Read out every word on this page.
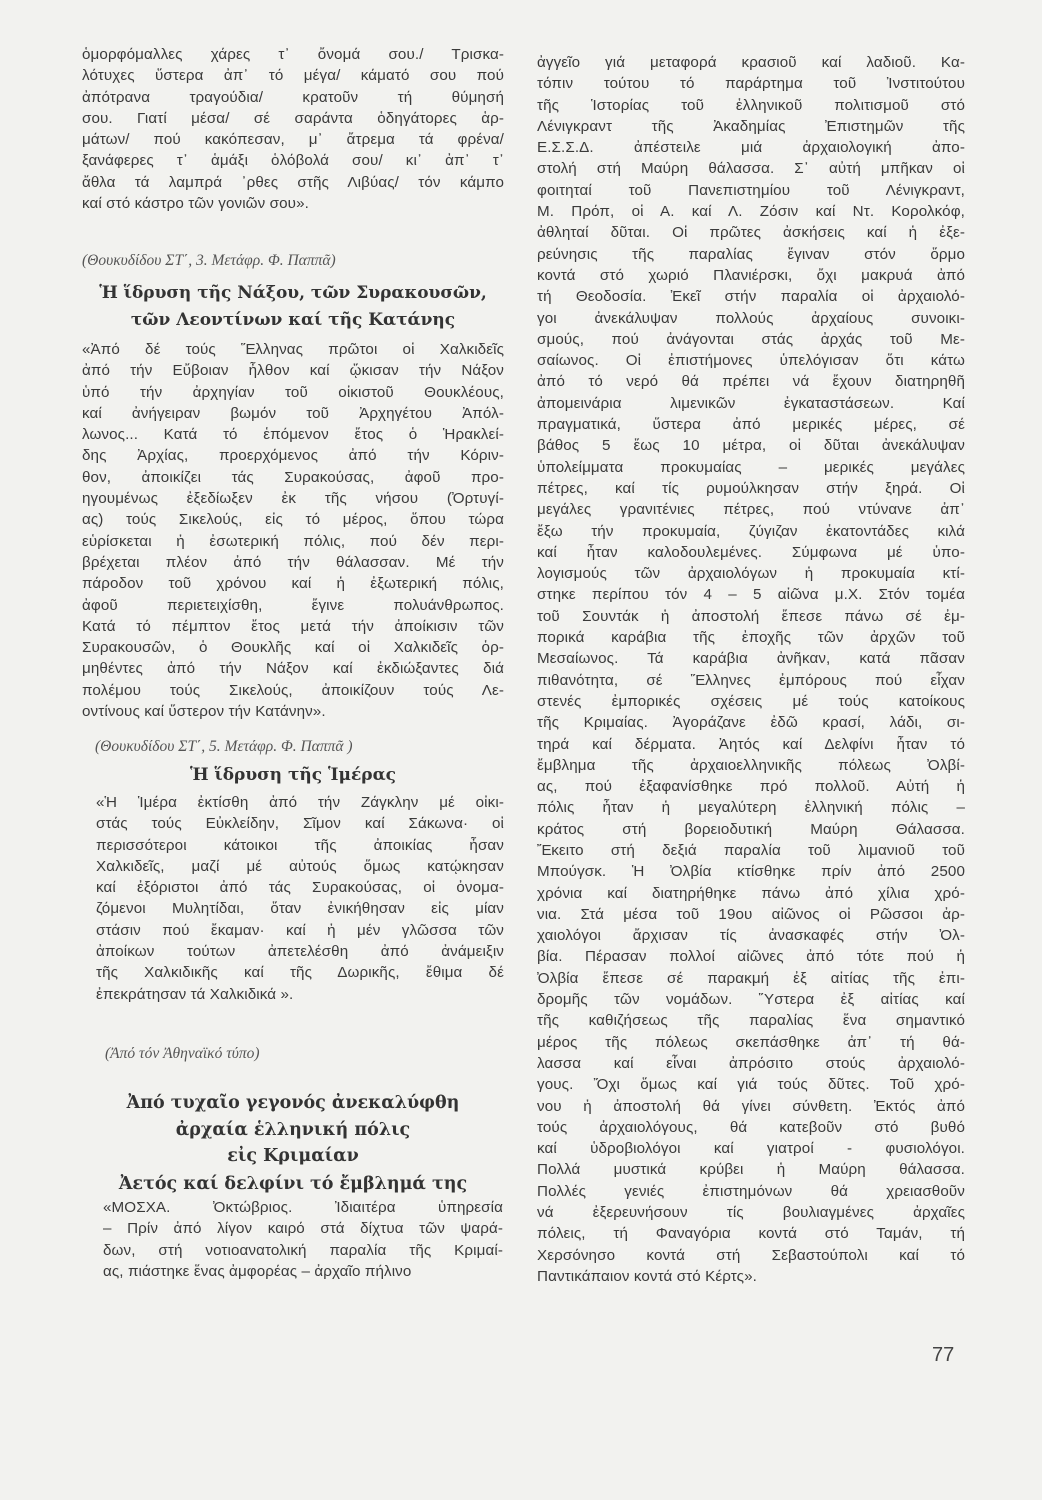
ὁμορφόμαλλες χάρες τ᾽ ὄνομά σου./ Τρισκα-
λότυχες ὕστερα ἀπ᾽ τό μέγα/ κάματό σου πού
ἀπότρανα τραγούδια/ κρατοῦν τή θύμησή
σου. Γιατί μέσα/ σέ σαράντα ὁδηγάτορες ἁρ-
μάτων/ πού κακόπεσαν, μ᾽ ἄτρεμα τά φρένα/
ξανάφερες τ᾽ ἁμάξι ὁλόβολά σου/ κι᾽ ἀπ᾽ τ᾽
ἄθλα τά λαμπρά ᾽ρθες στῆς Λιβύας/ τόν κάμπο
καί στό κάστρο τῶν γονιῶν σου».
(Θουκυδίδου ΣΤ΄, 3. Μετάφρ. Φ. Παππᾶ)
Ἡ ἵδρυση τῆς Νάξου, τῶν Συρακουσῶν,
τῶν Λεοντίνων καί τῆς Κατάνης
«Ἀπό δέ τούς Ἕλληνας πρῶτοι οἱ Χαλκιδεῖς
ἀπό τήν Εὔβοιαν ἦλθον καί ᾤκισαν τήν Νάξον
ὑπό τήν ἀρχηγίαν τοῦ οἰκιστοῦ Θουκλέους,
καί ἀνήγειραν βωμόν τοῦ Ἀρχηγέτου Ἀπόλ-
λωνος... Κατά τό ἑπόμενον ἔτος ὁ Ἡρακλεί-
δης Ἀρχίας, προερχόμενος ἀπό τήν Κόριν-
θον, ἀποικίζει τάς Συρακούσας, ἀφοῦ προ-
ηγουμένως ἐξεδίωξεν ἐκ τῆς νήσου (Ὀρτυγί-
ας) τούς Σικελούς, εἰς τό μέρος, ὅπου τώρα
εὑρίσκεται ἡ ἐσωτερική πόλις, πού δέν περι-
βρέχεται πλέον ἀπό τήν θάλασσαν. Μέ τήν
πάροδον τοῦ χρόνου καί ἡ ἐξωτερική πόλις,
ἀφοῦ περιετειχίσθη, ἔγινε πολυάνθρωπος.
Κατά τό πέμπτον ἔτος μετά τήν ἀποίκισιν τῶν
Συρακουσῶν, ὁ Θουκλῆς καί οἱ Χαλκιδεῖς ὁρ-
μηθέντες ἀπό τήν Νάξον καί ἐκδιώξαντες διά
πολέμου τούς Σικελούς, ἀποικίζουν τούς Λε-
οντίνους καί ὕστερον τήν Κατάνην».
(Θουκυδίδου ΣΤ΄, 5. Μετάφρ. Φ. Παππᾶ )
Ἡ ἵδρυση τῆς Ἱμέρας
«Ἡ Ἱμέρα ἐκτίσθη ἀπό τήν Ζάγκλην μέ οἰκι-
στάς τούς Εὐκλείδην, Σῖμον καί Σάκωνα· οἱ
περισσότεροι κάτοικοι τῆς ἀποικίας ἦσαν
Χαλκιδεῖς, μαζί μέ αὐτούς ὅμως κατῴκησαν
καί ἐξόριστοι ἀπό τάς Συρακούσας, οἱ ὀνομα-
ζόμενοι Μυλητίδαι, ὅταν ἐνικήθησαν εἰς μίαν
στάσιν πού ἔκαμαν· καί ἡ μέν γλῶσσα τῶν
ἀποίκων τούτων ἀπετελέσθη ἀπό ἀνάμειξιν
τῆς Χαλκιδικῆς καί τῆς Δωρικῆς, ἔθιμα δέ
ἐπεκράτησαν τά Χαλκιδικά ».
(Ἀπό τόν Ἀθηναϊκό τύπο)
Ἀπό τυχαῖο γεγονός ἀνεκαλύφθη
ἀρχαία ἑλληνική πόλις
εἰς Κριμαίαν
Ἀετός καί δελφίνι τό ἔμβλημά της
«ΜΟΣΧΑ. Ὀκτώβριος. Ἰδιαιτέρα ὑπηρεσία
– Πρίν ἀπό λίγον καιρό στά δίχτυα τῶν ψαρά-
δων, στή νοτιοανατολική παραλία τῆς Κριμαί-
ας, πιάστηκε ἕνας ἀμφορέας – ἀρχαῖο πήλινο
ἀγγεῖο γιά μεταφορά κρασιοῦ καί λαδιοῦ. Κα-
τόπιν τούτου τό παράρτημα τοῦ Ἰνστιτούτου
τῆς Ἱστορίας τοῦ ἑλληνικοῦ πολιτισμοῦ στό
Λένιγκραντ τῆς Ἀκαδημίας Ἐπιστημῶν τῆς
Ε.Σ.Σ.Δ. ἀπέστειλε μιά ἀρχαιολογική ἀπο-
στολή στή Μαύρη θάλασσα. Σ᾽ αὐτή μπῆκαν οἱ
φοιτηταί τοῦ Πανεπιστημίου τοῦ Λένιγκραντ,
Μ. Πρόπ, οἱ Α. καί Λ. Ζόσιν καί Ντ. Κορολκόφ,
ἀθληταί δῦται. Οἱ πρῶτες ἀσκήσεις καί ἡ ἐξε-
ρεύνησις τῆς παραλίας ἔγιναν στόν ὅρμο
κοντά στό χωριό Πλανιέρσκι, ὄχι μακρυά ἀπό
τή Θεοδοσία. Ἐκεῖ στήν παραλία οἱ ἀρχαιολό-
γοι ἀνεκάλυψαν πολλούς ἀρχαίους συνοικι-
σμούς, πού ἀνάγονται στάς ἀρχάς τοῦ Με-
σαίωνος. Οἱ ἐπιστήμονες ὑπελόγισαν ὅτι κάτω
ἀπό τό νερό θά πρέπει νά ἔχουν διατηρηθῆ
ἀπομεινάρια λιμενικῶν ἐγκαταστάσεων. Καί
πραγματικά, ὕστερα ἀπό μερικές μέρες, σέ
βάθος 5 ἕως 10 μέτρα, οἱ δῦται ἀνεκάλυψαν
ὑπολείμματα προκυμαίας – μερικές μεγάλες
πέτρες, καί τίς ρυμούλκησαν στήν ξηρά. Οἱ
μεγάλες γρανιτένιες πέτρες, πού ντύνανε ἀπ᾽
ἔξω τήν προκυμαία, ζύγιζαν ἑκατοντάδες κιλά
καί ἦταν καλοδουλεμένες. Σύμφωνα μέ ὑπο-
λογισμούς τῶν ἀρχαιολόγων ἡ προκυμαία κτί-
στηκε περίπου τόν 4 – 5 αἰῶνα μ.Χ. Στόν τομέα
τοῦ Σουντάκ ἡ ἀποστολή ἔπεσε πάνω σέ ἐμ-
πορικά καράβια τῆς ἐποχῆς τῶν ἀρχῶν τοῦ
Μεσαίωνος. Τά καράβια ἀνῆκαν, κατά πᾶσαν
πιθανότητα, σέ Ἕλληνες ἐμπόρους πού εἶχαν
στενές ἐμπορικές σχέσεις μέ τούς κατοίκους
τῆς Κριμαίας. Ἀγοράζανε ἐδῶ κρασί, λάδι, σι-
τηρά καί δέρματα. Ἀητός καί Δελφίνι ἦταν τό
ἔμβλημα τῆς ἀρχαιοελληνικῆς πόλεως Ὀλβί-
ας, πού ἐξαφανίσθηκε πρό πολλοῦ. Αὐτή ἡ
πόλις ἦταν ἡ μεγαλύτερη ἑλληνική πόλις –
κράτος στή βορειοδυτική Μαύρη Θάλασσα.
Ἔκειτο στή δεξιά παραλία τοῦ λιμανιοῦ τοῦ
Μπούγσκ. Ἡ Ὀλβία κτίσθηκε πρίν ἀπό 2500
χρόνια καί διατηρήθηκε πάνω ἀπό χίλια χρό-
νια. Στά μέσα τοῦ 19ου αἰῶνος οἱ Ρῶσσοι ἀρ-
χαιολόγοι ἄρχισαν τίς ἀνασκαφές στήν Ὀλ-
βία. Πέρασαν πολλοί αἰῶνες ἀπό τότε πού ἡ
Ὀλβία ἔπεσε σέ παρακμή ἐξ αἰτίας τῆς ἐπι-
δρομῆς τῶν νομάδων. Ὕστερα ἐξ αἰτίας καί
τῆς καθιζήσεως τῆς παραλίας ἕνα σημαντικό
μέρος τῆς πόλεως σκεπάσθηκε ἀπ᾽ τή θά-
λασσα καί εἶναι ἀπρόσιτο στούς ἀρχαιολό-
γους. Ὄχι ὅμως καί γιά τούς δῦτες. Τοῦ χρό-
νου ἡ ἀποστολή θά γίνει σύνθετη. Ἐκτός ἀπό
τούς ἀρχαιολόγους, θά κατεβοῦν στό βυθό
καί ὑδροβιολόγοι καί γιατροί - φυσιολόγοι.
Πολλά μυστικά κρύβει ἡ Μαύρη θάλασσα.
Πολλές γενιές ἐπιστημόνων θά χρειασθοῦν
νά ἐξερευνήσουν τίς βουλιαγμένες ἀρχαῖες
πόλεις, τή Φαναγόρια κοντά στό Ταμάν, τή
Χερσόνησο κοντά στή Σεβαστούπολι καί τό
Παντικάπαιον κοντά στό Κέρτς».
77
